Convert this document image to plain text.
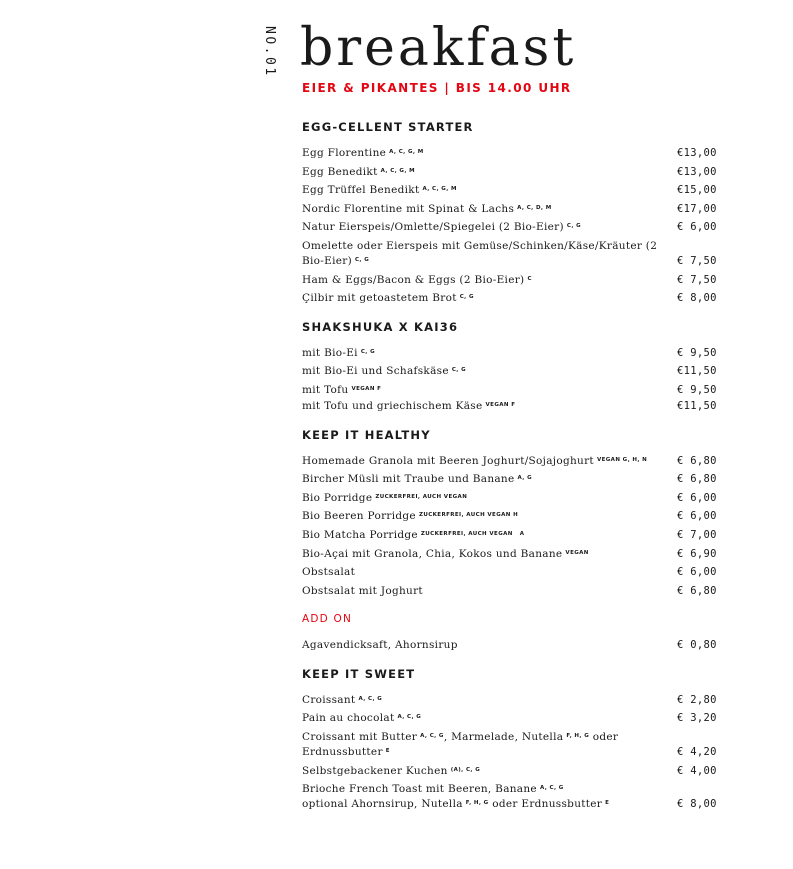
NO.01 breakfast
EIER & PIKANTES | BIS 14.00 UHR
EGG-CELLENT STARTER
Egg Florentine $^{A, C, G, M}$	€13,00
Egg Benedikt $^{A, C, G, M}$	€13,00
Egg Trüffel Benedikt $^{A, C, G, M}$	€15,00
Nordic Florentine mit Spinat & Lachs $^{A, C, D, M}$	€17,00
Natur Eierspeis/Omlette/Spiegelei (2 Bio-Eier) $^{C, G}$	€ 6,00
Omelette oder Eierspeis mit Gemüse/Schinken/Käse/Kräuter (2 Bio-Eier) $^{C, G}$	€ 7,50
Ham & Eggs/Bacon & Eggs (2 Bio-Eier) $^C$	€ 7,50
Çilbir mit getoastetem Brot $^{C, G}$	€ 8,00
SHAKSHUKA X KAI36
mit Bio-Ei $^{C, G}$	€ 9,50
mit Bio-Ei und Schafskäse $^{C, G}$	€11,50
mit Tofu $^{VEGAN F}$	€ 9,50
mit Tofu und griechischem Käse $^{VEGAN F}$	€11,50
KEEP IT HEALTHY
Homemade Granola mit Beeren Joghurt/Sojajoghurt $^{VEGAN G, H, N}$	€ 6,80
Bircher Müsli mit Traube und Banane $^{A, G}$	€ 6,80
Bio Porridge $^{ZUCKERFREI, AUCH VEGAN}$	€ 6,00
Bio Beeren Porridge $^{ZUCKERFREI, AUCH VEGAN H}$	€ 6,00
Bio Matcha Porridge $^{ZUCKERFREI, AUCH VEGAN A}$	€ 7,00
Bio-Açai mit Granola, Chia, Kokos und Banane $^{VEGAN}$	€ 6,90
Obstsalat	€ 6,00
Obstsalat mit Joghurt	€ 6,80
ADD ON
Agavendicksaft, Ahornsirup	€ 0,80
KEEP IT SWEET
Croissant $^{A, C, G}$	€ 2,80
Pain au chocolat $^{A, C, G}$	€ 3,20
Croissant mit Butter $^{A, C, G}$, Marmelade, Nutella $^{F, H, G}$ oder Erdnussbutter $^E$	€ 4,20
Selbstgebackener Kuchen $^{(A), C, G}$	€ 4,00
Brioche French Toast mit Beeren, Banane $^{A, C, G}$
optional Ahornsirup, Nutella $^{F, H, G}$ oder Erdnussbutter $^E$	€ 8,00
